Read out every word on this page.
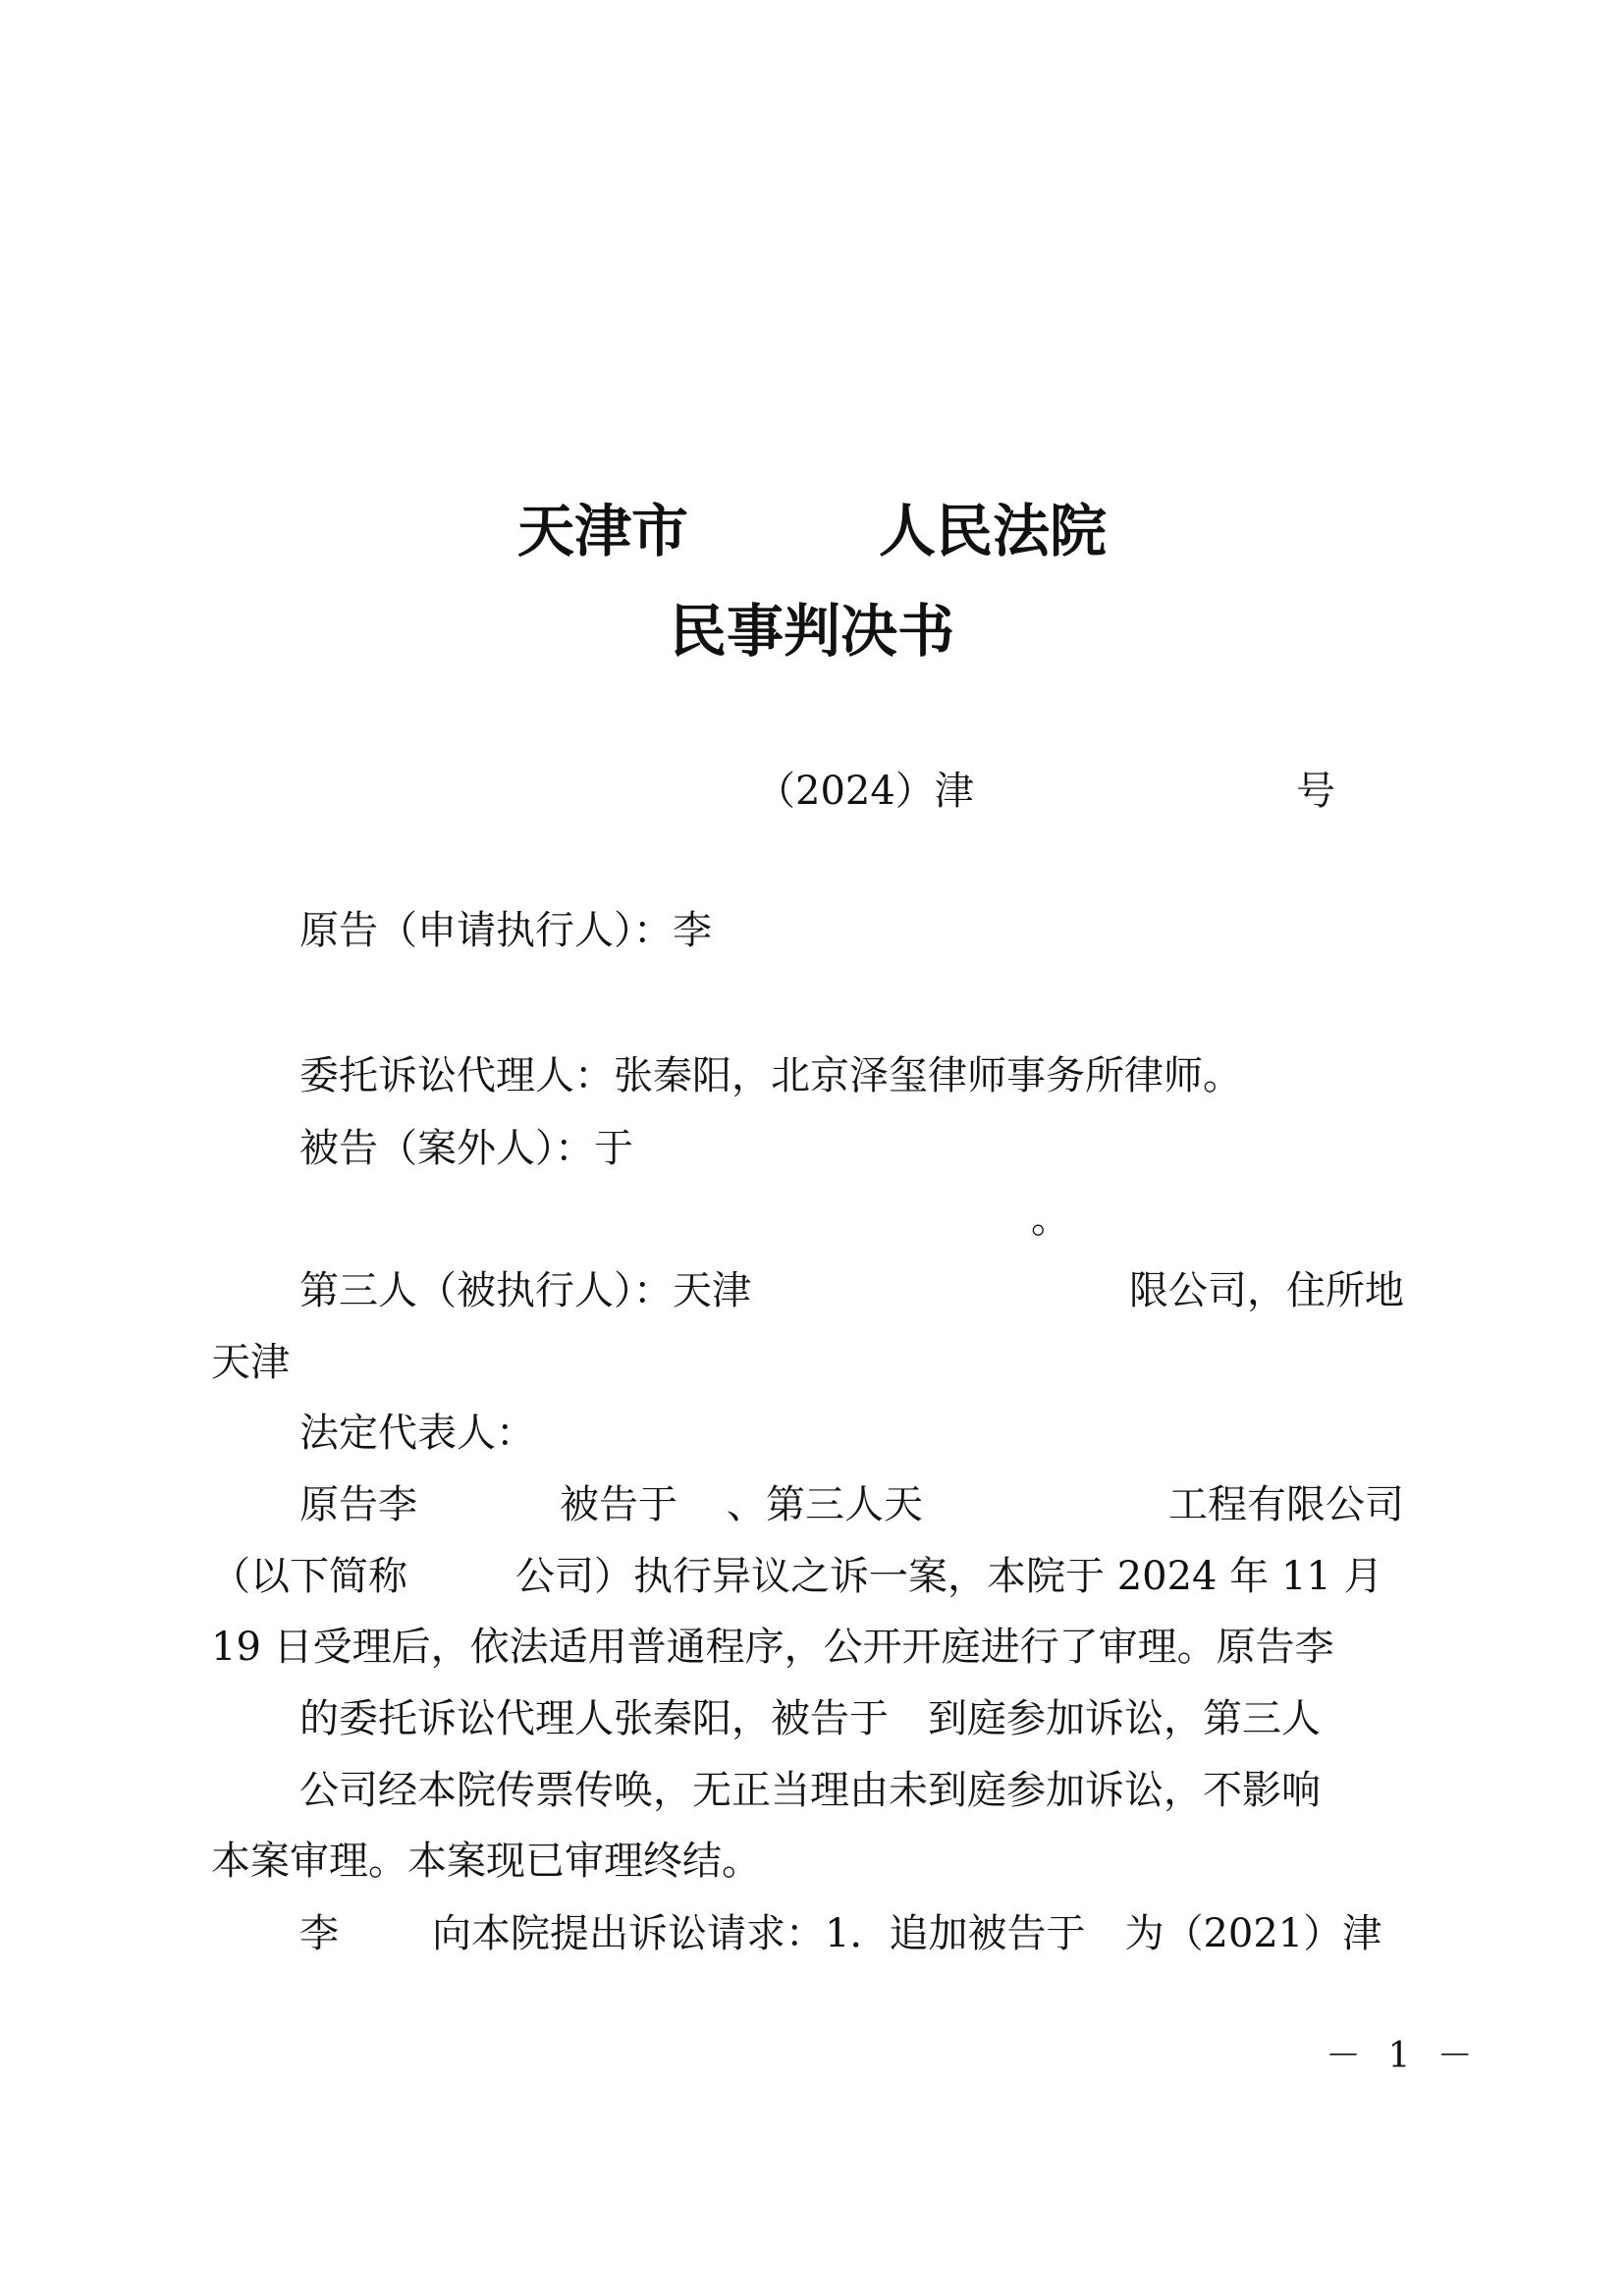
天津市	人民法院
民事判决书
（2024）津	号
原告（申请执行人）：李
委托诉讼代理人：张秦阳，北京泽玺律师事务所律师。
被告（案外人）：于
。
第三人（被执行人）：天津	限公司，住所地
天津
法定代表人：
原告李	被告于 、第三人天	工程有限公司
（以下简称	公司）执行异议之诉一案，本院于 2024 年 11 月
19 日受理后，依法适用普通程序，公开开庭进行了审理。原告李
的委托诉讼代理人张秦阳，被告于　到庭参加诉讼，第三人
公司经本院传票传唤，无正当理由未到庭参加诉讼，不影响
本案审理。本案现已审理终结。
李 向本院提出诉讼请求：1．追加被告于　为（2021）津
－ 1 －
